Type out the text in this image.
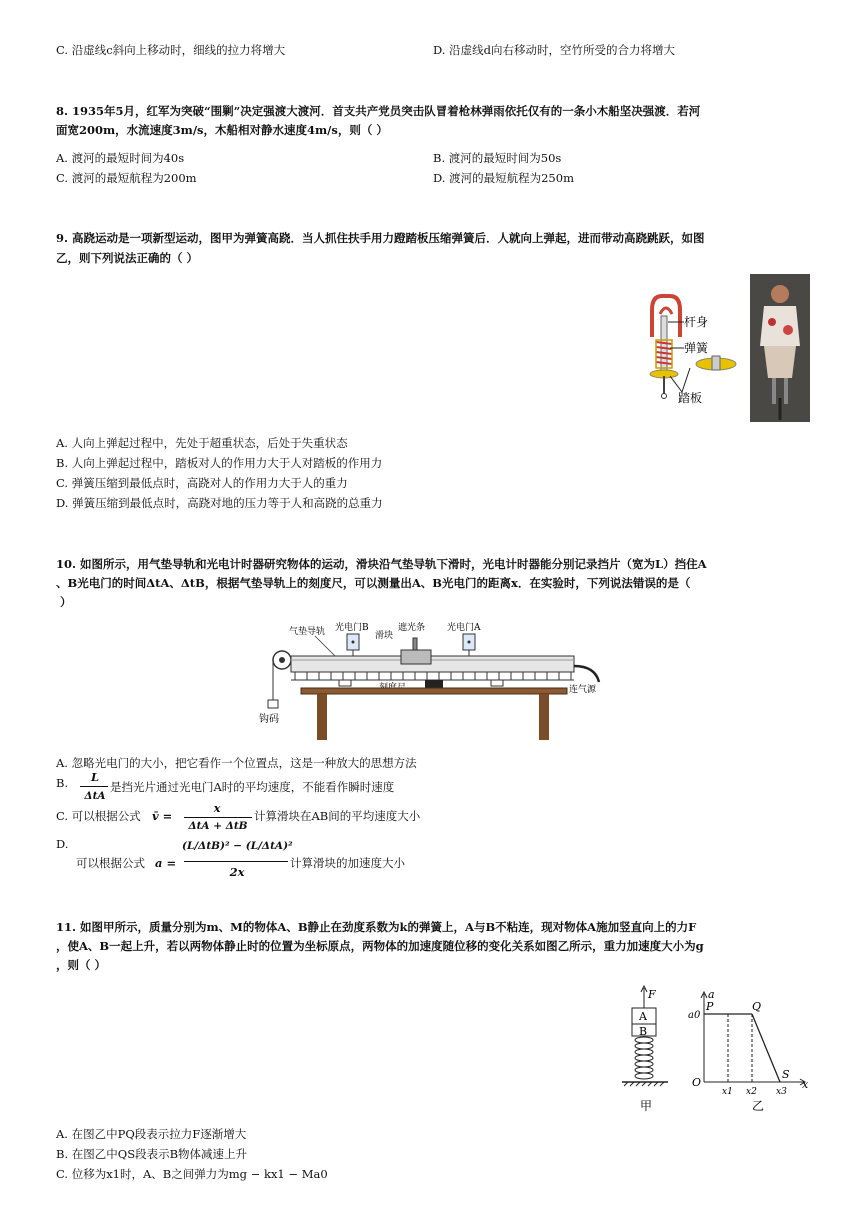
C. 沿虚线c斜向上移动时，细线的拉力将增大	D. 沿虚线d向右移动时，空竹所受的合力将增大
8. 1935年5月，红军为突破“围剿”决定强渡大渡河．首支共产党员突击队冒着枪林弹雨依托仅有的一条小木船坚决强渡．若河
面宽200m，水流速度3m/s，木船相对静水速度4m/s，则（ ）
A. 渡河的最短时间为40s	B. 渡河的最短时间为50s
C. 渡河的最短航程为200m	D. 渡河的最短航程为250m
9. 高跷运动是一项新型运动，图甲为弹簧高跷．当人抓住扶手用力蹬踏板压缩弹簧后．人就向上弹起，进而带动高跷跳跃，如图
乙，则下列说法正确的（ ）
杆身
弹簧
踏板
A. 人向上弹起过程中，先处于超重状态，后处于失重状态
B. 人向上弹起过程中，踏板对人的作用力大于人对踏板的作用力
C. 弹簧压缩到最低点时，高跷对人的作用力大于人的重力
D. 弹簧压缩到最低点时，高跷对地的压力等于人和高跷的总重力
10. 如图所示，用气垫导轨和光电计时器研究物体的运动，滑块沿气垫导轨下滑时，光电计时器能分别记录挡片（宽为L）挡住A
、B光电门的时间ΔtA、ΔtB，根据气垫导轨上的刻度尺，可以测量出A、B光电门的距离x．在实验时，下列说法错误的是（
）
钩码
气垫导轨 光电门B
滑块
遮光条 光电门A
连气源
A. 忽略光电门的大小，把它看作一个位置点，这是一种放大的思想方法
B.	L
ΔtA
是挡光片通过光电门A时的平均速度，不能看作瞬时速度
C. 可以根据公式 v̄ =
x
ΔtA + ΔtB
计算滑块在AB间的平均速度大小
D.
可以根据公式 a =
(L/ΔtB)² − (L/ΔtA)²
2x
计算滑块的加速度大小
11. 如图甲所示，质量分别为m、M的物体A、B静止在劲度系数为k的弹簧上，A与B不粘连，现对物体A施加竖直向上的力F
，使A、B一起上升，若以两物体静止时的位置为坐标原点，两物体的加速度随位移的变化关系如图乙所示，重力加速度大小为g
，则（ ）
F
A
B
甲
a
a0
P	Q
O
S
x1 x2 x3
x
乙
A. 在图乙中PQ段表示拉力F逐渐增大
B. 在图乙中QS段表示B物体减速上升
C. 位移为x1时，A、B之间弹力为mg − kx1 − Ma0
